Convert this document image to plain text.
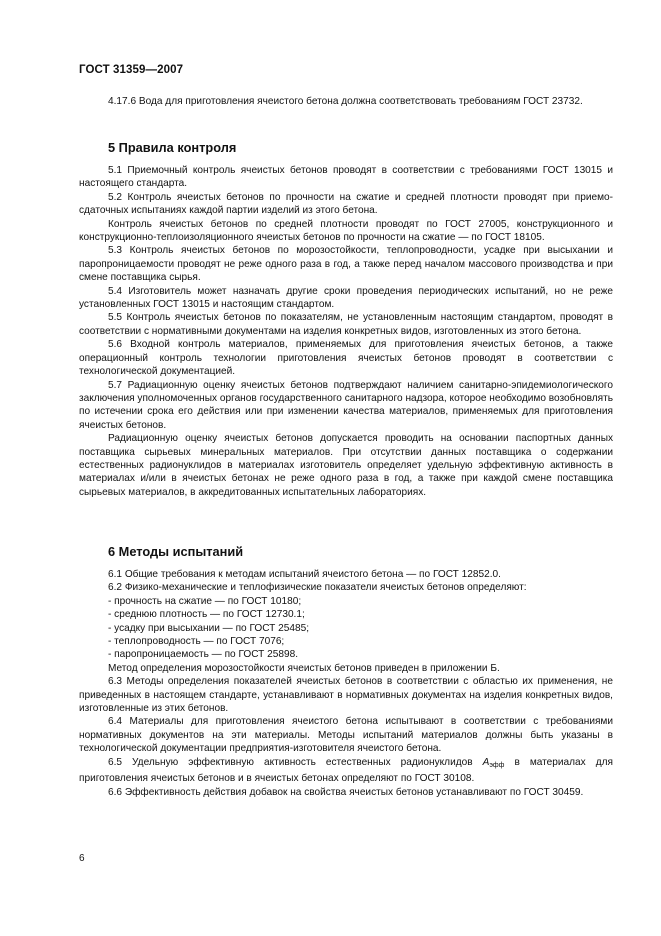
ГОСТ 31359—2007

4.17.6 Вода для приготовления ячеистого бетона должна соответствовать требованиям ГОСТ 23732.

5 Правила контроля

5.1 Приемочный контроль ячеистых бетонов проводят в соответствии с требованиями ГОСТ 13015 и настоящего стандарта.

5.2 Контроль ячеистых бетонов по прочности на сжатие и средней плотности проводят при приемо-сдаточных испытаниях каждой партии изделий из этого бетона.

Контроль ячеистых бетонов по средней плотности проводят по ГОСТ 27005, конструкционного и конструкционно-теплоизоляционного ячеистых бетонов по прочности на сжатие — по ГОСТ 18105.

5.3 Контроль ячеистых бетонов по морозостойкости, теплопроводности, усадке при высыхании и паропроницаемости проводят не реже одного раза в год, а также перед началом массового производства и при смене поставщика сырья.

5.4 Изготовитель может назначать другие сроки проведения периодических испытаний, но не реже установленных ГОСТ 13015 и настоящим стандартом.

5.5 Контроль ячеистых бетонов по показателям, не установленным настоящим стандартом, проводят в соответствии с нормативными документами на изделия конкретных видов, изготовленных из этого бетона.

5.6 Входной контроль материалов, применяемых для приготовления ячеистых бетонов, а также операционный контроль технологии приготовления ячеистых бетонов проводят в соответствии с технологической документацией.

5.7 Радиационную оценку ячеистых бетонов подтверждают наличием санитарно-эпидемиологического заключения уполномоченных органов государственного санитарного надзора, которое необходимо возобновлять по истечении срока его действия или при изменении качества материалов, применяемых для приготовления ячеистых бетонов.

Радиационную оценку ячеистых бетонов допускается проводить на основании паспортных данных поставщика сырьевых минеральных материалов. При отсутствии данных поставщика о содержании естественных радионуклидов в материалах изготовитель определяет удельную эффективную активность в материалах и/или в ячеистых бетонах не реже одного раза в год, а также при каждой смене поставщика сырьевых материалов, в аккредитованных испытательных лабораториях.

6 Методы испытаний

6.1 Общие требования к методам испытаний ячеистого бетона — по ГОСТ 12852.0.

6.2 Физико-механические и теплофизические показатели ячеистых бетонов определяют:

- прочность на сжатие — по ГОСТ 10180;

- среднюю плотность — по ГОСТ 12730.1;

- усадку при высыхании — по ГОСТ 25485;

- теплопроводность — по ГОСТ 7076;

- паропроницаемость — по ГОСТ 25898.

Метод определения морозостойкости ячеистых бетонов приведен в приложении Б.

6.3 Методы определения показателей ячеистых бетонов в соответствии с областью их применения, не приведенных в настоящем стандарте, устанавливают в нормативных документах на изделия конкретных видов, изготовленные из этих бетонов.

6.4 Материалы для приготовления ячеистого бетона испытывают в соответствии с требованиями нормативных документов на эти материалы. Методы испытаний материалов должны быть указаны в технологической документации предприятия-изготовителя ячеистого бетона.

6.5 Удельную эффективную активность естественных радионуклидов $А_{эфф}$ в материалах для приготовления ячеистых бетонов и в ячеистых бетонах определяют по ГОСТ 30108.

6.6 Эффективность действия добавок на свойства ячеистых бетонов устанавливают по ГОСТ 30459.

6
